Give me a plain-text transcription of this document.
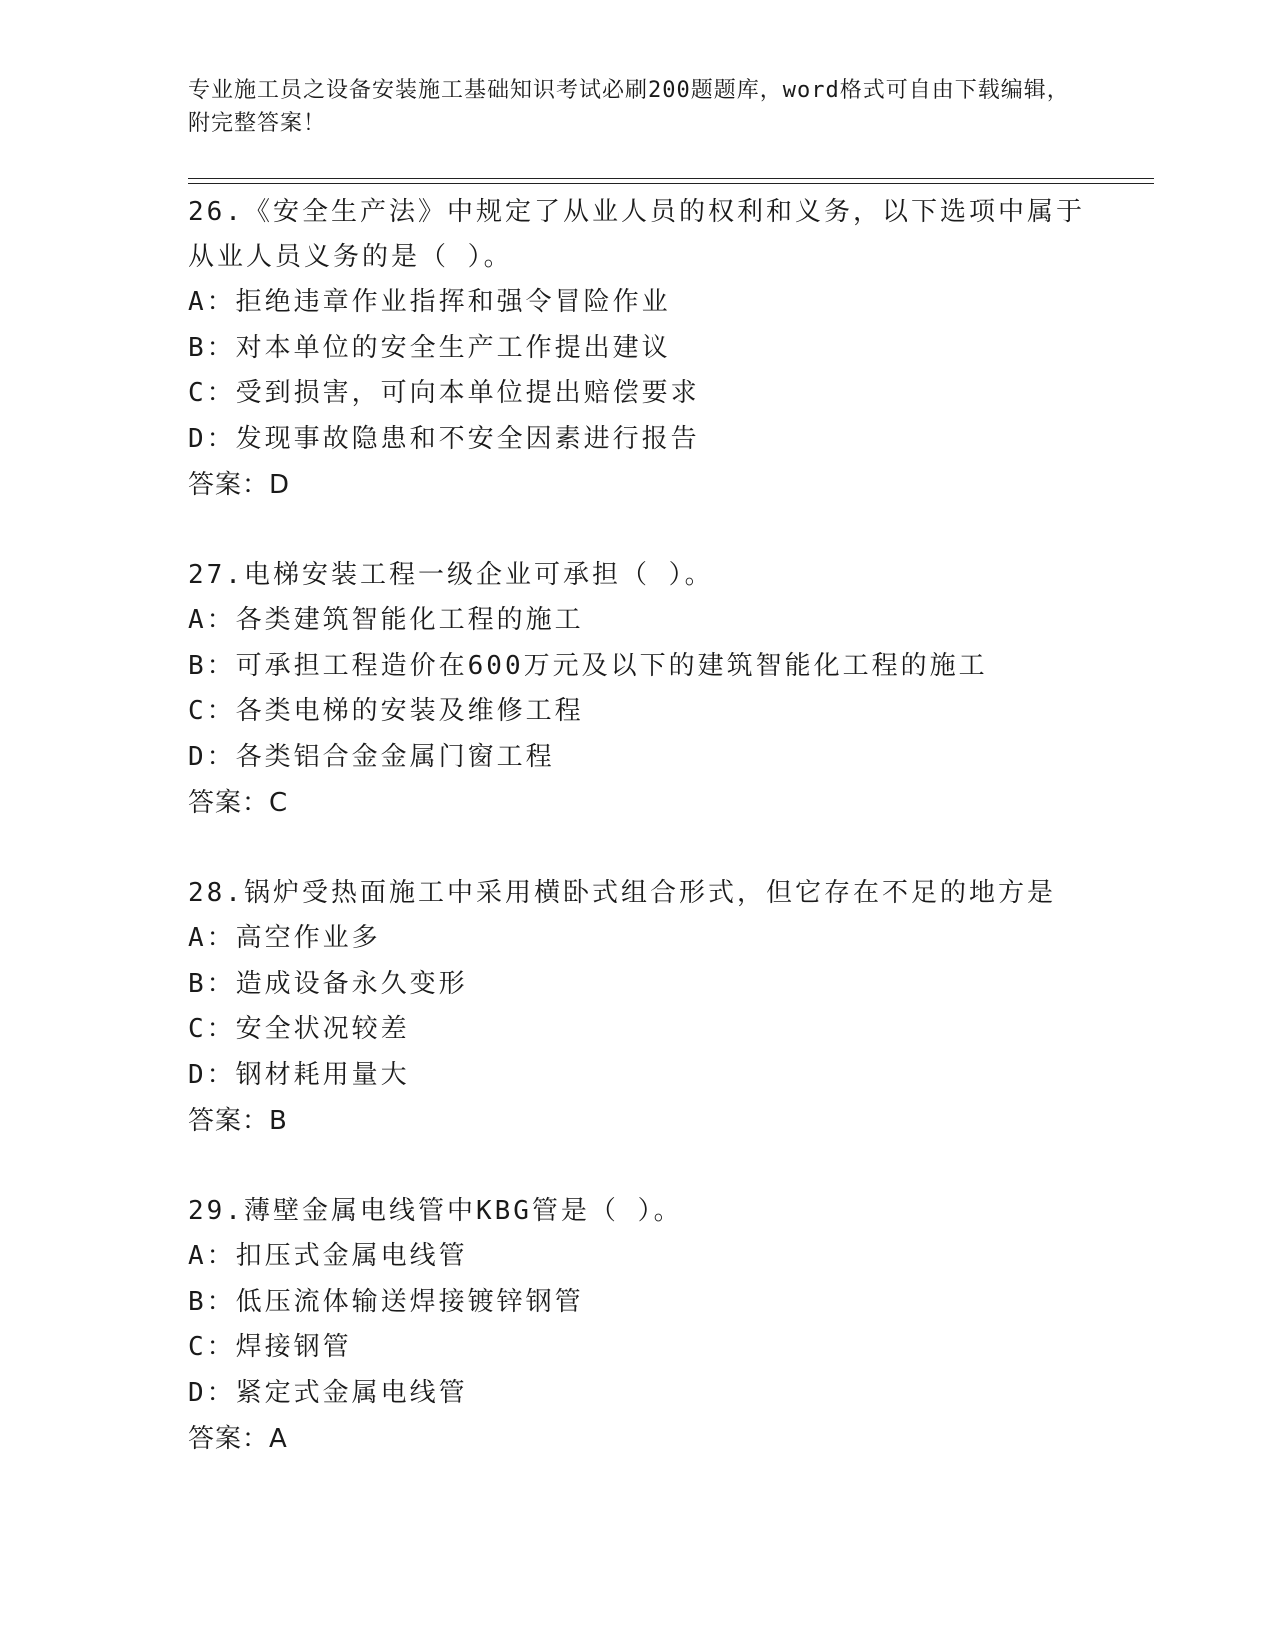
专业施工员之设备安装施工基础知识考试必刷200题题库，word格式可自由下载编辑，附完整答案！
26.《安全生产法》中规定了从业人员的权利和义务，以下选项中属于从业人员义务的是（ ）。
A：拒绝违章作业指挥和强令冒险作业
B：对本单位的安全生产工作提出建议
C：受到损害，可向本单位提出赔偿要求
D：发现事故隐患和不安全因素进行报告
答案：D
27.电梯安装工程一级企业可承担（ ）。
A：各类建筑智能化工程的施工
B：可承担工程造价在600万元及以下的建筑智能化工程的施工
C：各类电梯的安装及维修工程
D：各类铝合金金属门窗工程
答案：C
28.锅炉受热面施工中采用横卧式组合形式，但它存在不足的地方是
A：高空作业多
B：造成设备永久变形
C：安全状况较差
D：钢材耗用量大
答案：B
29.薄壁金属电线管中KBG管是（ ）。
A：扣压式金属电线管
B：低压流体输送焊接镀锌钢管
C：焊接钢管
D：紧定式金属电线管
答案：A
